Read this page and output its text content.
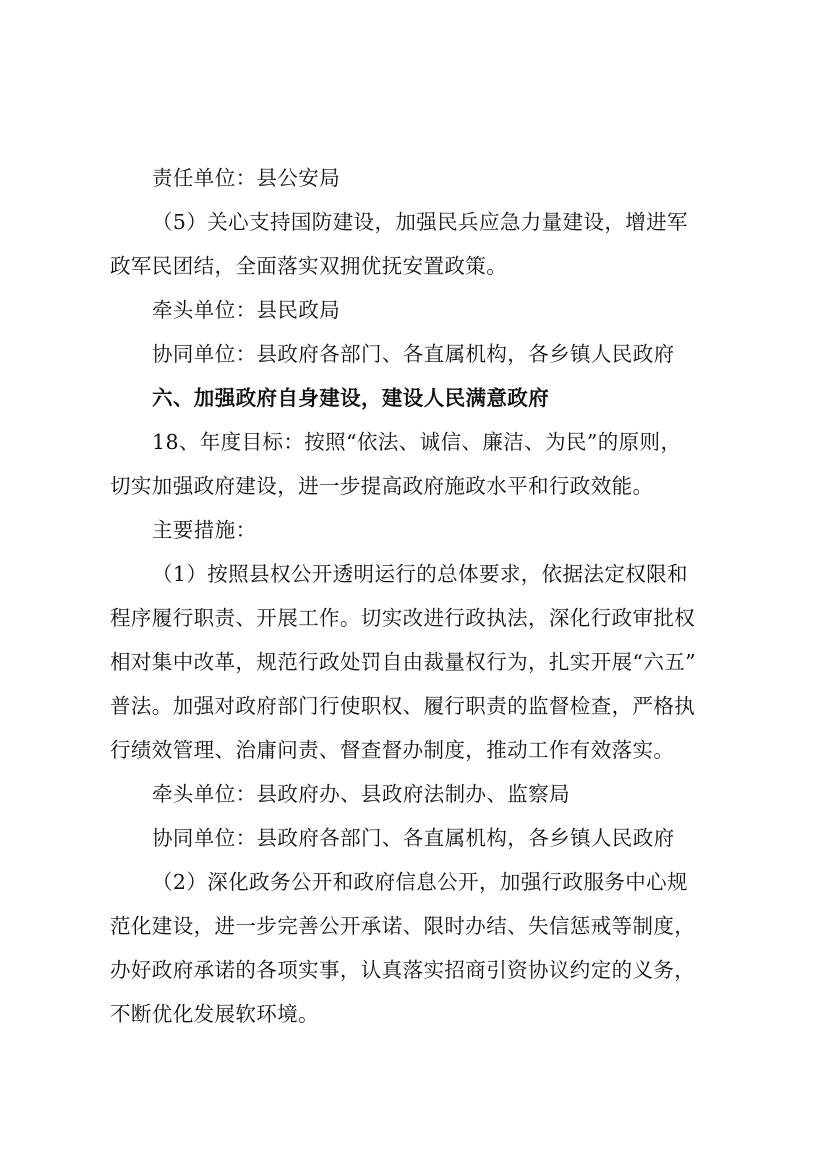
责任单位：县公安局
（5）关心支持国防建设，加强民兵应急力量建设，增进军
政军民团结，全面落实双拥优抚安置政策。
牵头单位：县民政局
协同单位：县政府各部门、各直属机构，各乡镇人民政府
六、加强政府自身建设，建设人民满意政府
18、年度目标：按照“依法、诚信、廉洁、为民”的原则，
切实加强政府建设，进一步提高政府施政水平和行政效能。
主要措施：
（1）按照县权公开透明运行的总体要求，依据法定权限和
程序履行职责、开展工作。切实改进行政执法，深化行政审批权
相对集中改革，规范行政处罚自由裁量权行为，扎实开展“六五”
普法。加强对政府部门行使职权、履行职责的监督检查，严格执
行绩效管理、治庸问责、督查督办制度，推动工作有效落实。
牵头单位：县政府办、县政府法制办、监察局
协同单位：县政府各部门、各直属机构，各乡镇人民政府
（2）深化政务公开和政府信息公开，加强行政服务中心规
范化建设，进一步完善公开承诺、限时办结、失信惩戒等制度，
办好政府承诺的各项实事，认真落实招商引资协议约定的义务，
不断优化发展软环境。
